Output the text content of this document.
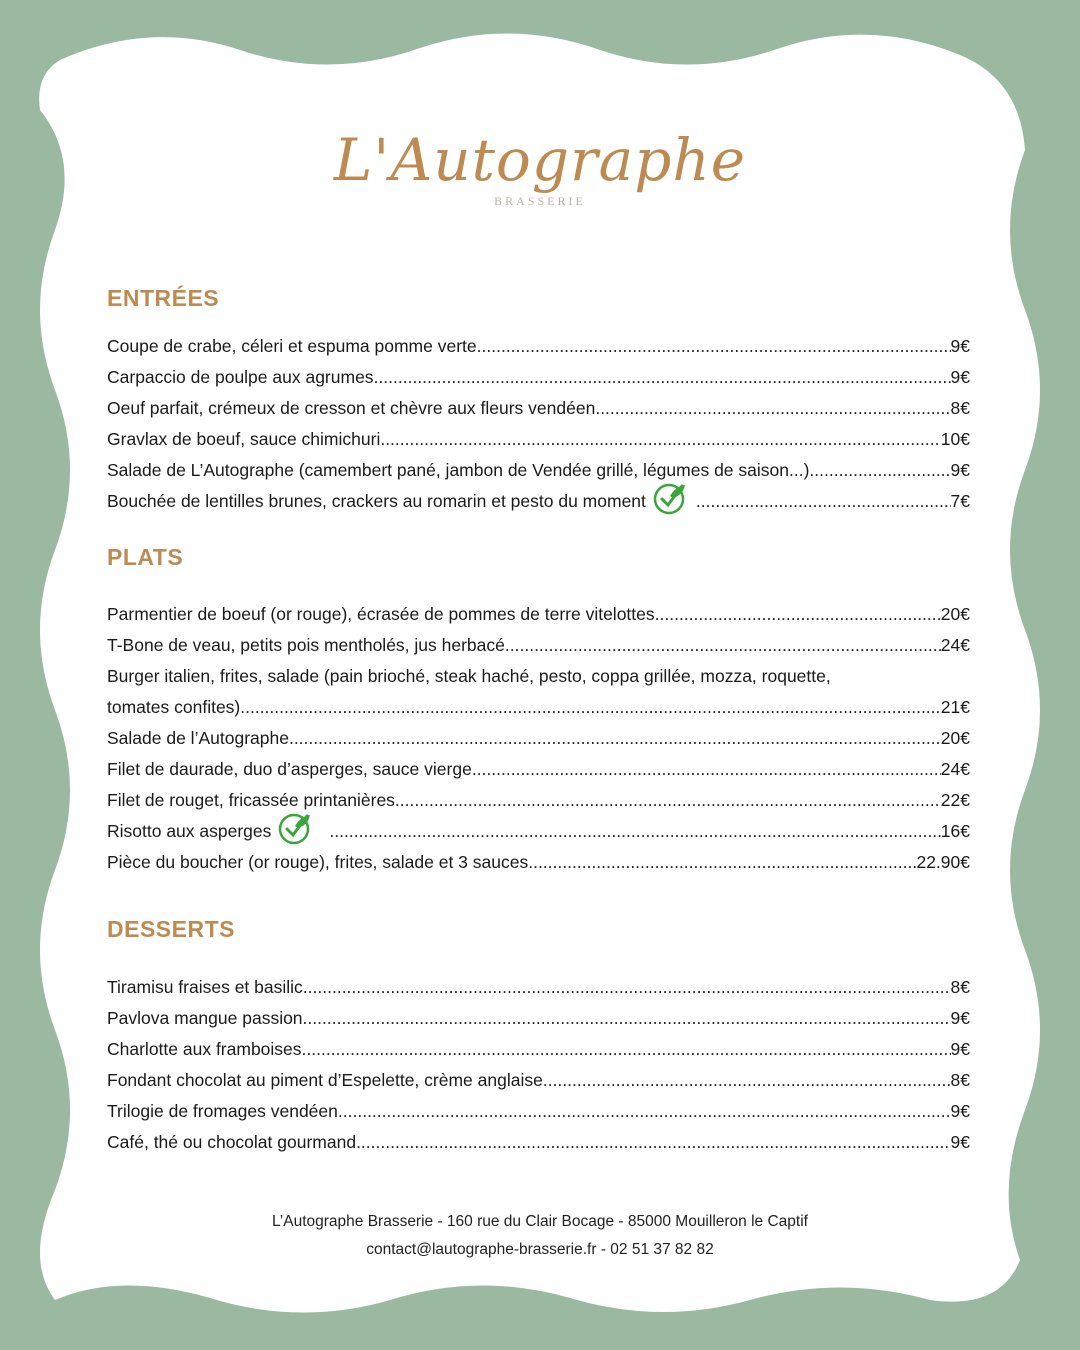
L'Autographe
BRASSERIE
ENTRÉES
Coupe de crabe, céleri et espuma pomme verte .....	9€
Carpaccio de poulpe aux agrumes .....	9€
Oeuf parfait, crémeux de cresson et chèvre aux fleurs vendéen .....	8€
Gravlax de boeuf, sauce chimichuri .....	10€
Salade de L’Autographe (camembert pané, jambon de Vendée grillé, légumes de saison...) .....	9€
Bouchée de lentilles brunes, crackers au romarin et pesto du moment .....	7€
PLATS
Parmentier de boeuf (or rouge), écrasée de pommes de terre vitelottes .....	20€
T-Bone de veau, petits pois mentholés, jus herbacé .....	24€
Burger italien, frites, salade (pain brioché, steak haché, pesto, coppa grillée, mozza, roquette,
tomates confites) .....	21€
Salade de l’Autographe .....	20€
Filet de daurade, duo d’asperges, sauce vierge .....	24€
Filet de rouget, fricassée printanières .....	22€
Risotto aux asperges .....	16€
Pièce du boucher (or rouge), frites, salade et 3 sauces .....	22.90€
DESSERTS
Tiramisu fraises et basilic .....	8€
Pavlova mangue passion .....	9€
Charlotte aux framboises .....	9€
Fondant chocolat au piment d’Espelette, crème anglaise .....	8€
Trilogie de fromages vendéen .....	9€
Café, thé ou chocolat gourmand .....	9€
L’Autographe Brasserie - 160 rue du Clair Bocage - 85000 Mouilleron le Captif
contact@lautographe-brasserie.fr - 02 51 37 82 82
